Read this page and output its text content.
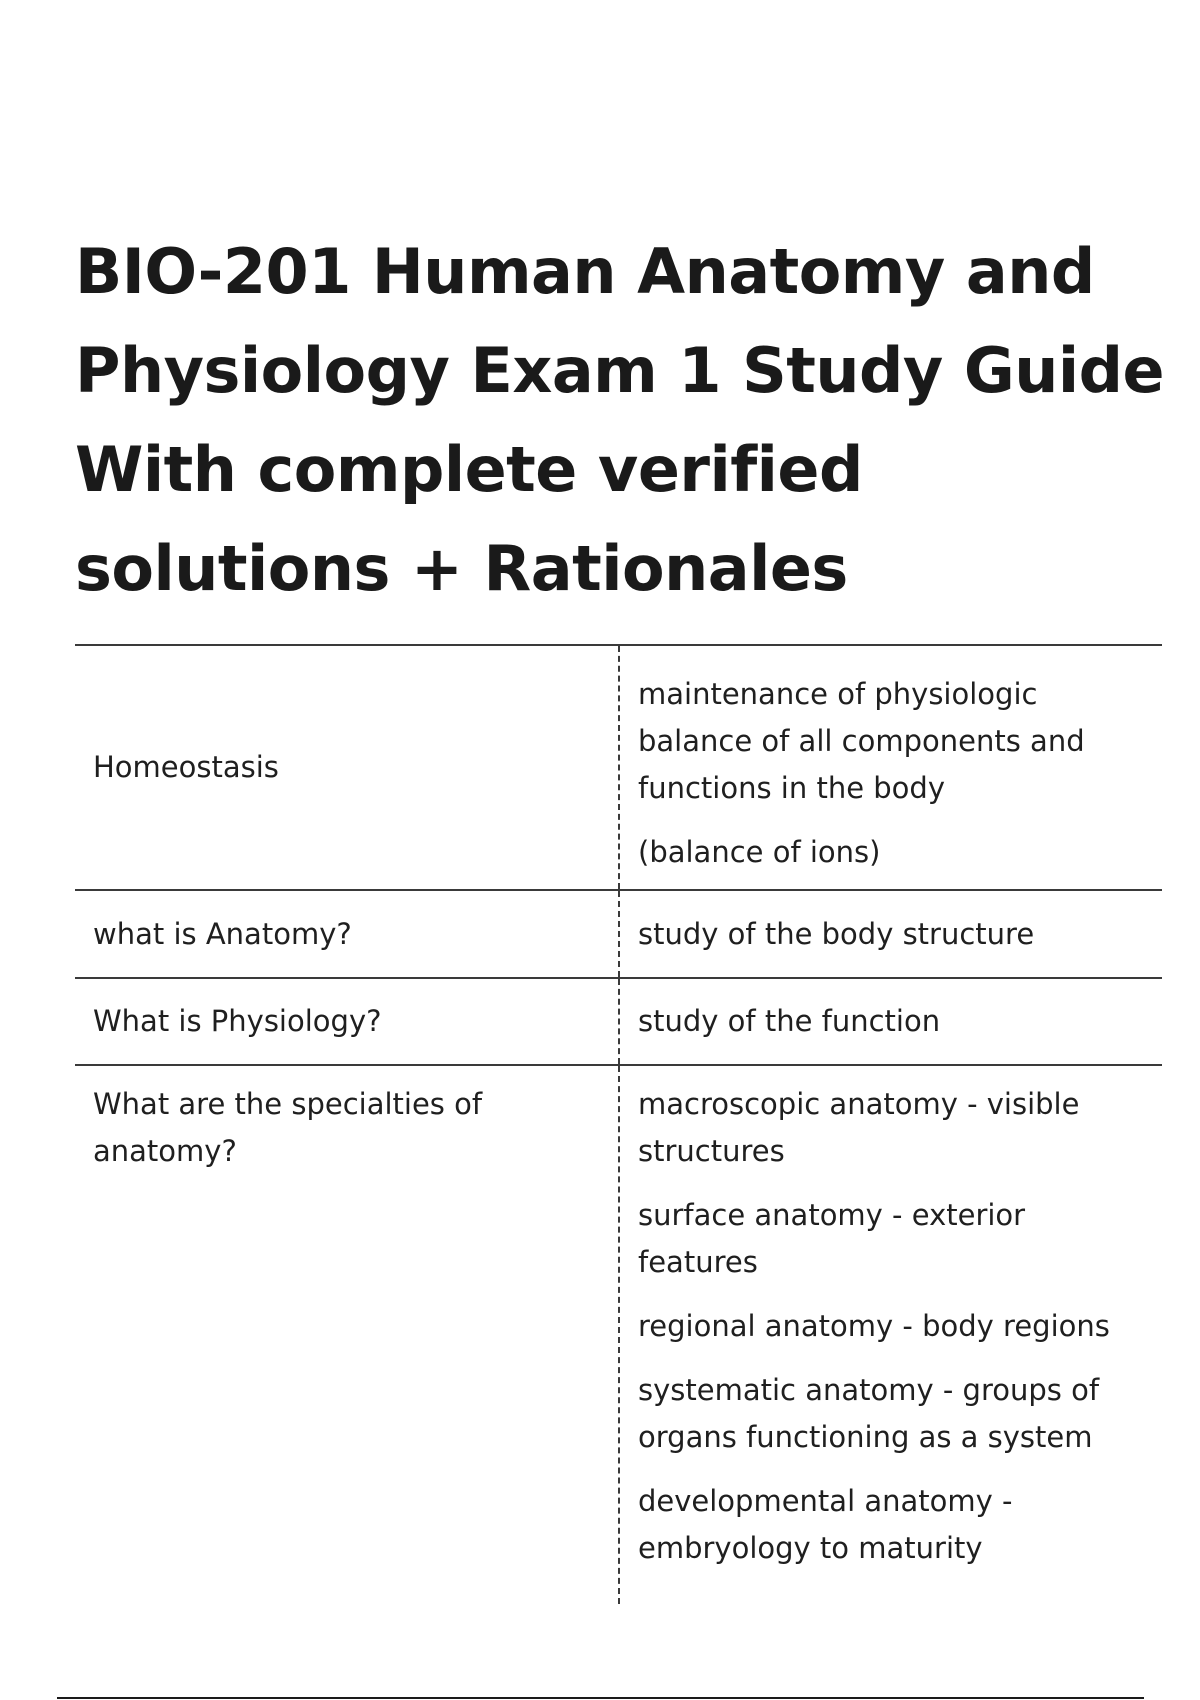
BIO-201 Human Anatomy and Physiology Exam 1 Study Guide With complete verified solutions + Rationales
Homeostasis

maintenance of physiologic balance of all components and functions in the body

(balance of ions)

what is Anatomy?	study of the body structure

What is Physiology?	study of the function

What are the specialties of anatomy?

macroscopic anatomy - visible structures

surface anatomy - exterior features

regional anatomy - body regions

systematic anatomy - groups of organs functioning as a system

developmental anatomy - embryology to maturity
